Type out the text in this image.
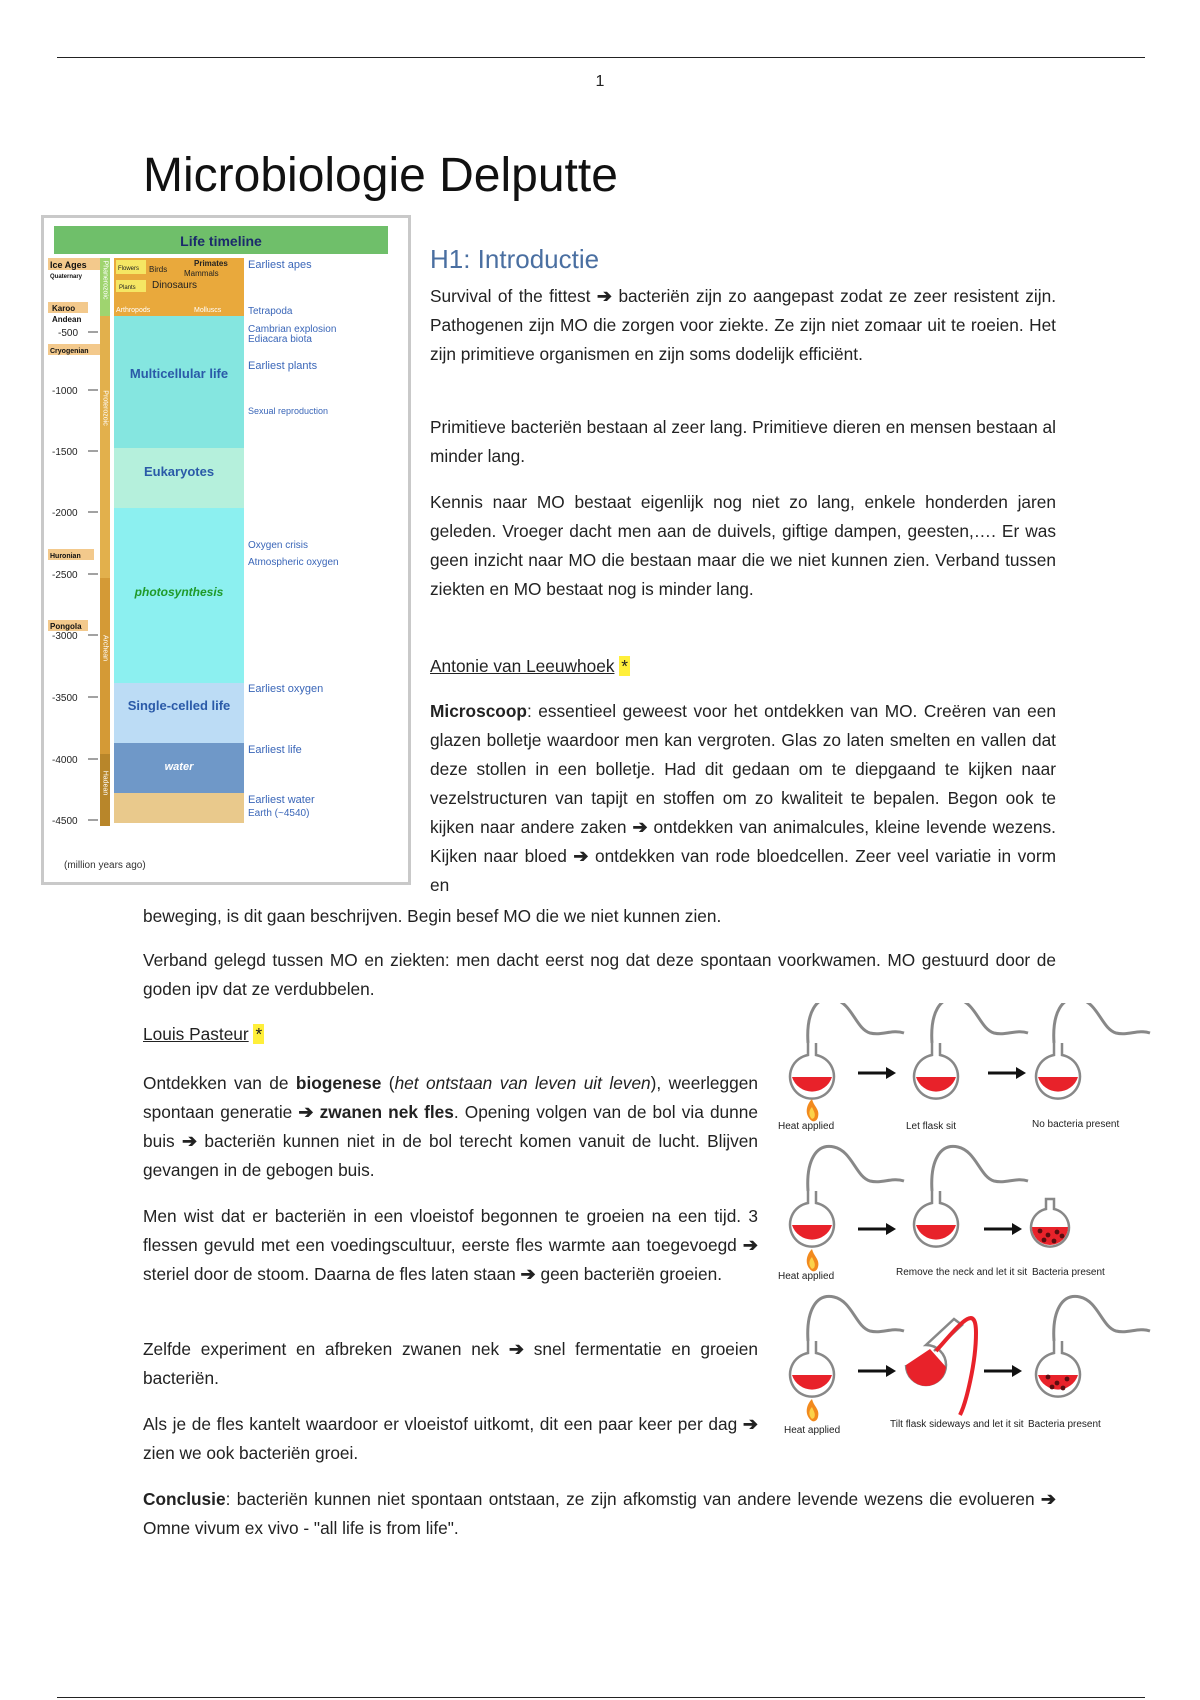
1
Microbiologie Delputte
Life timeline
Ice Ages
Quaternary
Karoo
Andean
Cryogenian
Huronian
Pongola
-500
-1000
-1500
-2000
-2500
-3000
-3500
-4000
-4500
Phanerozoic
Proterozoic
Archean
Hadean
Flowers Birds
Primates
Mammals
Plants Dinosaurs
Arthropods	Molluscs
Multicellular life
Eukaryotes
photosynthesis
Single-celled life
water
Earliest apes
Tetrapoda
Cambrian explosion
Ediacara biota
Earliest plants
Sexual reproduction
Oxygen crisis
Atmospheric oxygen
Earliest oxygen
Earliest life
Earliest water
Earth (~4540)
(million years ago)
H1: Introductie

Survival of the fittest ➔ bacteriën zijn zo aangepast zodat ze zeer resistent zijn. Pathogenen zijn MO die zorgen voor ziekte. Ze zijn niet zomaar uit te roeien. Het zijn primitieve organismen en zijn soms dodelijk efficiënt.

Primitieve bacteriën bestaan al zeer lang. Primitieve dieren en mensen bestaan al minder lang.

Kennis naar MO bestaat eigenlijk nog niet zo lang, enkele honderden jaren geleden. Vroeger dacht men aan de duivels, giftige dampen, geesten,…. Er was geen inzicht naar MO die bestaan maar die we niet kunnen zien. Verband tussen ziekten en MO bestaat nog is minder lang.

Antonie van Leeuwhoek *

Microscoop: essentieel geweest voor het ontdekken van MO. Creëren van een glazen bolletje waardoor men kan vergroten. Glas zo laten smelten en vallen dat deze stollen in een bolletje. Had dit gedaan om te diepgaand te kijken naar vezelstructuren van tapijt en stoffen om zo kwaliteit te bepalen. Begon ook te kijken naar andere zaken ➔ ontdekken van animalcules, kleine levende wezens. Kijken naar bloed ➔ ontdekken van rode bloedcellen. Zeer veel variatie in vorm en

beweging, is dit gaan beschrijven. Begin besef MO die we niet kunnen zien.

Verband gelegd tussen MO en ziekten: men dacht eerst nog dat deze spontaan voorkwamen. MO gestuurd door de goden ipv dat ze verdubbelen.

Louis Pasteur *

Ontdekken van de biogenese (het ontstaan van leven uit leven), weerleggen spontaan generatie ➔ zwanen nek fles. Opening volgen van de bol via dunne buis ➔ bacteriën kunnen niet in de bol terecht komen vanuit de lucht. Blijven gevangen in de gebogen buis.

Men wist dat er bacteriën in een vloeistof begonnen te groeien na een tijd. 3 flessen gevuld met een voedingscultuur, eerste fles warmte aan toegevoegd ➔ steriel door de stoom. Daarna de fles laten staan ➔ geen bacteriën groeien.

Zelfde experiment en afbreken zwanen nek ➔ snel fermentatie en groeien bacteriën.

Als je de fles kantelt waardoor er vloeistof uitkomt, dit een paar keer per dag ➔ zien we ook bacteriën groei.

Conclusie: bacteriën kunnen niet spontaan ontstaan, ze zijn afkomstig van andere levende wezens die evolueren ➔ Omne vivum ex vivo - "all life is from life".

Heat applied	Let flask sit	No bacteria present
Heat applied	Remove the neck and let it sit Bacteria present
Heat applied
Tilt flask sideways and let it sit Bacteria present
